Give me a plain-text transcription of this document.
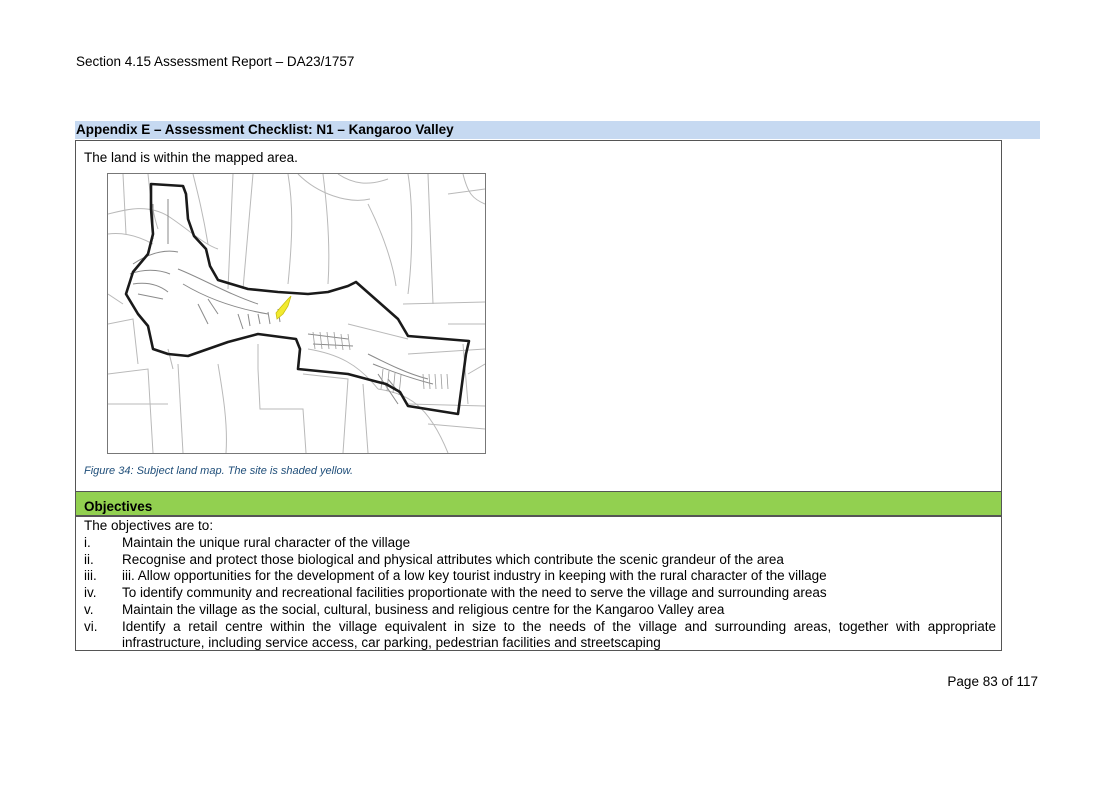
Section 4.15 Assessment Report – DA23/1757
Appendix E – Assessment Checklist: N1 – Kangaroo Valley
The land is within the mapped area.
Figure 34: Subject land map. The site is shaded yellow.
Objectives
The objectives are to:
i.	Maintain the unique rural character of the village
ii.	Recognise and protect those biological and physical attributes which contribute the scenic grandeur of the area
iii.	iii. Allow opportunities for the development of a low key tourist industry in keeping with the rural character of the village
iv.	To identify community and recreational facilities proportionate with the need to serve the village and surrounding areas
v.	Maintain the village as the social, cultural, business and religious centre for the Kangaroo Valley area
vi.	Identify a retail centre within the village equivalent in size to the needs of the village and surrounding areas, together with appropriate infrastructure, including service access, car parking, pedestrian facilities and streetscaping
Page 83 of 117
